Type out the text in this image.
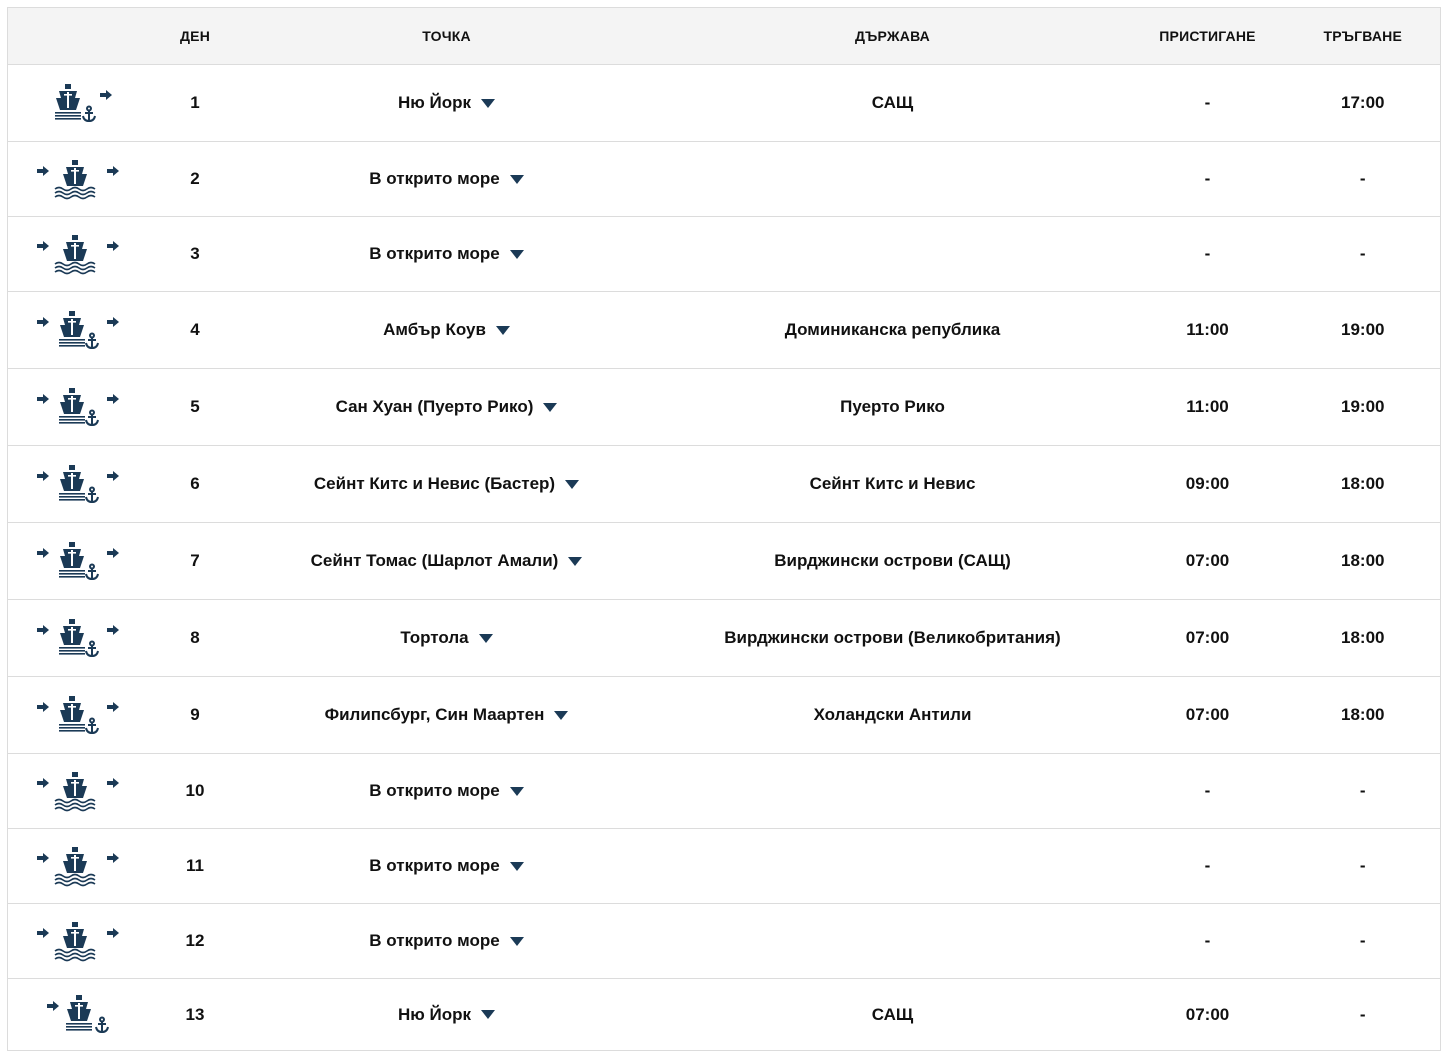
	ДЕН	ТОЧКА	ДЪРЖАВА	ПРИСТИГАНЕ	ТРЪГВАНЕ

	1	Ню Йорк	САЩ	-	17:00

	2	В открито море		-	-

	3	В открито море		-	-

	4	Амбър Коув	Доминиканска република	11:00	19:00

	5	Сан Хуан (Пуерто Рико)	Пуерто Рико	11:00	19:00

	6	Сейнт Китс и Невис (Бастер)	Сейнт Китс и Невис	09:00	18:00

	7	Сейнт Томас (Шарлот Амали)	Вирджински острови (САЩ)	07:00	18:00

	8	Тортола	Вирджински острови (Великобритания)	07:00	18:00

	9	Филипсбург, Син Маартен	Холандски Антили	07:00	18:00

	10	В открито море		-	-

	11	В открито море		-	-

	12	В открито море		-	-

	13	Ню Йорк	САЩ	07:00	-
